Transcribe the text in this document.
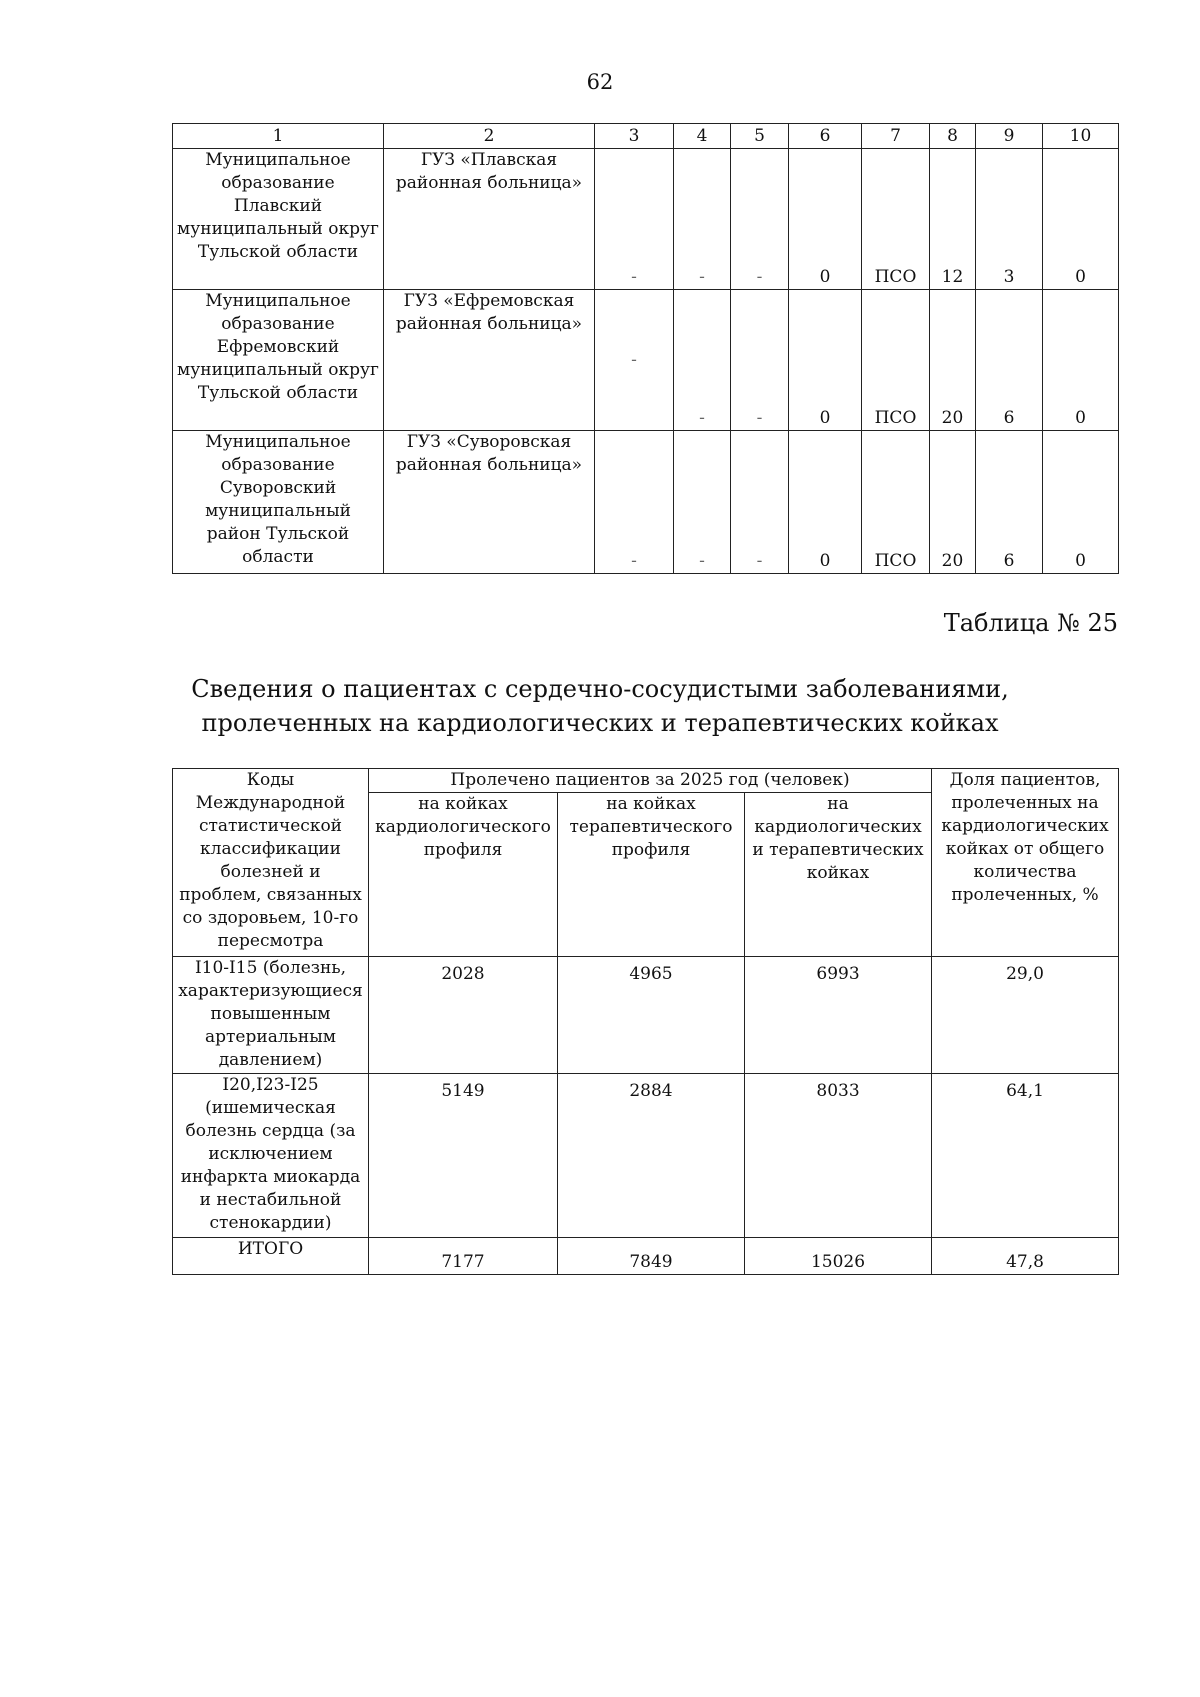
62
1	2	3	4	5	6	7	8	9	10
Муниципальное образование Плавский муниципальный округ Тульской области	ГУЗ «Плавская районная больница»	-	-	-	0	ПСО	12	3	0
Муниципальное образование Ефремовский муниципальный округ Тульской области	ГУЗ «Ефремовская районная больница»	-	-	-	0	ПСО	20	6	0
Муниципальное образование Суворовский муниципальный район Тульской области	ГУЗ «Суворовская районная больница»	-	-	-	0	ПСО	20	6	0
Таблица № 25
Сведения о пациентах с сердечно-сосудистыми заболеваниями,
пролеченных на кардиологических и терапевтических койках
Коды Международной статистической классификации болезней и проблем, связанных со здоровьем, 10-го пересмотра	Пролечено пациентов за 2025 год (человек)			Доля пациентов, пролеченных на кардиологических койках от общего количества пролеченных, %
	на койках кардиологического профиля	на койках терапевтического профиля	на кардиологических и терапевтических койках	
I10-I15 (болезнь, характеризующиеся повышенным артериальным давлением)	2028	4965	6993	29,0
I20,I23-I25 (ишемическая болезнь сердца (за исключением инфаркта миокарда и нестабильной стенокардии)	5149	2884	8033	64,1
ИТОГО	7177	7849	15026	47,8
